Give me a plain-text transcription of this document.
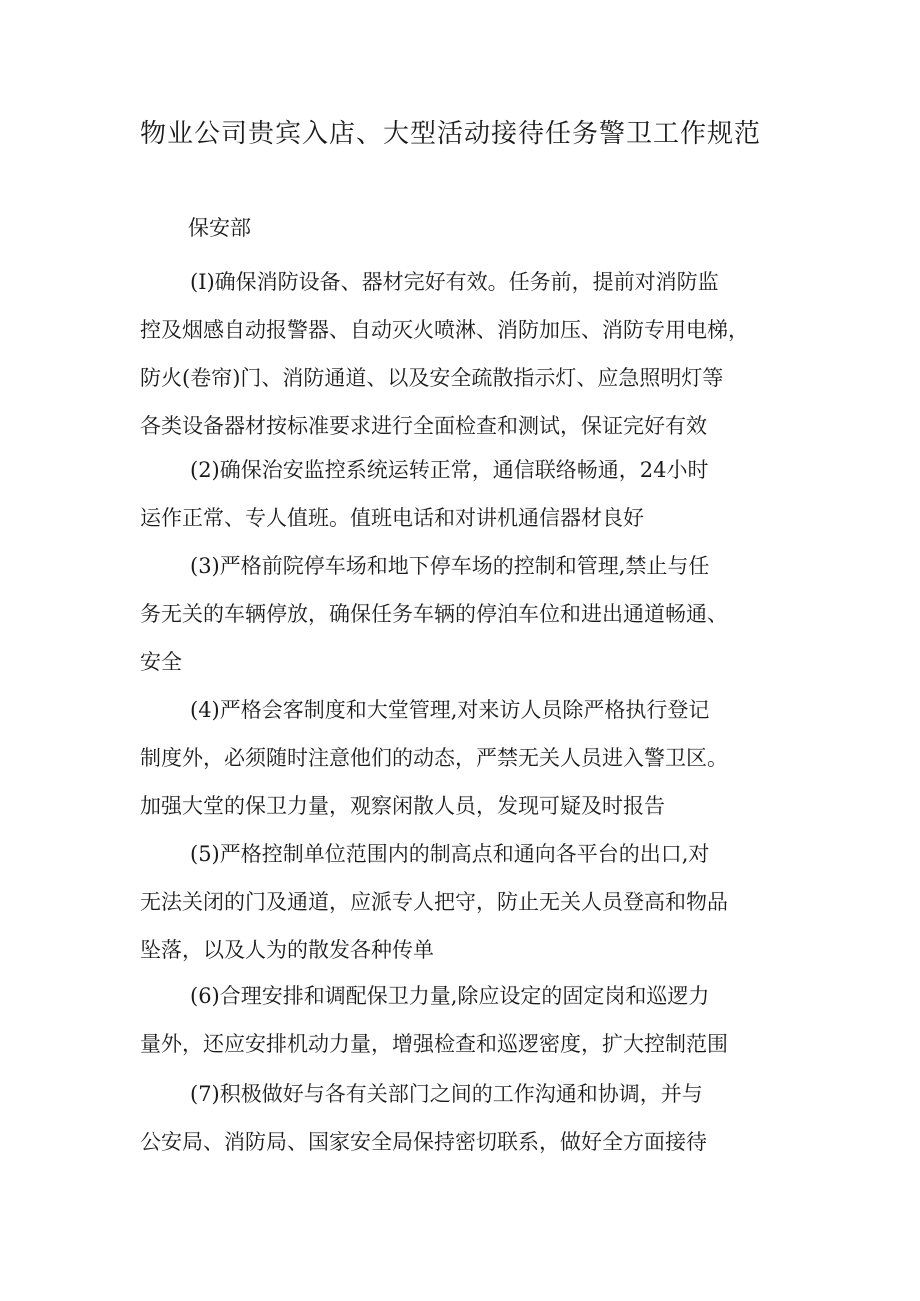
物业公司贵宾入店、大型活动接待任务警卫工作规范
保安部
(I)确保消防设备、器材完好有效。任务前，提前对消防监
控及烟感自动报警器、自动灭火喷淋、消防加压、消防专用电梯，
防火(卷帘)门、消防通道、以及安全疏散指示灯、应急照明灯等
各类设备器材按标准要求进行全面检查和测试，保证完好有效
(2)确保治安监控系统运转正常，通信联络畅通，24小时
运作正常、专人值班。值班电话和对讲机通信器材良好
(3)严格前院停车场和地下停车场的控制和管理,禁止与任
务无关的车辆停放，确保任务车辆的停泊车位和进出通道畅通、
安全
(4)严格会客制度和大堂管理,对来访人员除严格执行登记
制度外，必须随时注意他们的动态，严禁无关人员进入警卫区。
加强大堂的保卫力量，观察闲散人员，发现可疑及时报告
(5)严格控制单位范围内的制高点和通向各平台的出口,对
无法关闭的门及通道，应派专人把守，防止无关人员登高和物品
坠落，以及人为的散发各种传单
(6)合理安排和调配保卫力量,除应设定的固定岗和巡逻力
量外，还应安排机动力量，增强检查和巡逻密度，扩大控制范围
(7)积极做好与各有关部门之间的工作沟通和协调，并与
公安局、消防局、国家安全局保持密切联系，做好全方面接待
